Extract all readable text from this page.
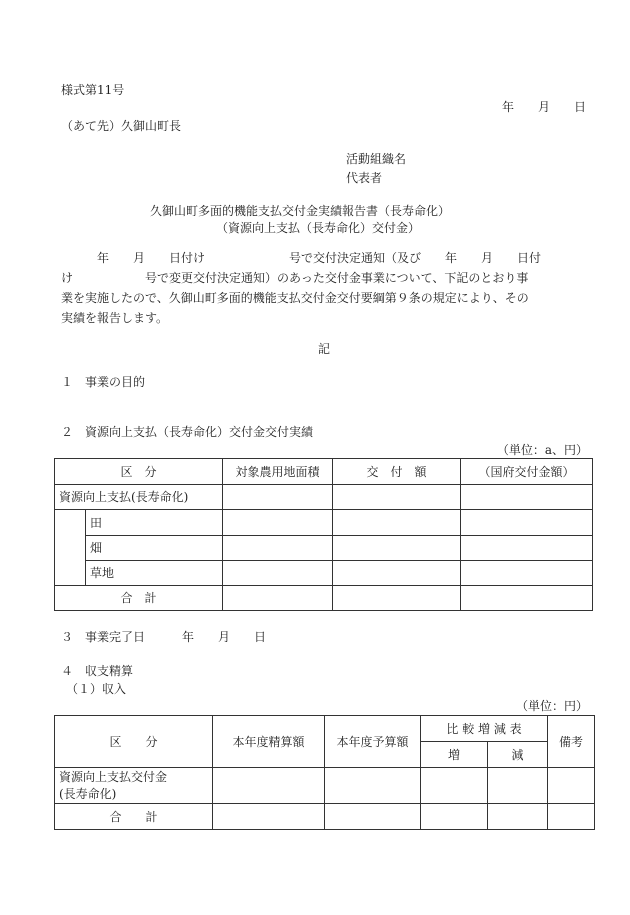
様式第11号
年　　月　　日
（あて先）久御山町長
活動組織名
代表者
久御山町多面的機能支払交付金実績報告書（長寿命化）
（資源向上支払（長寿命化）交付金）
　　　年　　月　　日付け　　　　　　　号で交付決定通知（及び　　年　　月　　日付
け　　　　　　号で変更交付決定通知）のあった交付金事業について、下記のとおり事
業を実施したので、久御山町多面的機能支払交付金交付要綱第９条の規定により、その
実績を報告します。
記
１　事業の目的
２　資源向上支払（長寿命化）交付金交付実績
（単位：a、円）
区　分		対象農用地面積	交　付　額	（国府交付金額）
資源向上支払(長寿命化)				
	田			
	畑			
	草地			
合　計				
３　事業完了日	年　　月　　日
４　収支精算
（１）収入
（単位：円）
区　　分	本年度精算額	本年度予算額	比 較 増 減 表		備考
			増	減	

資源向上支払交付金
(長寿命化)					

合　　計					
